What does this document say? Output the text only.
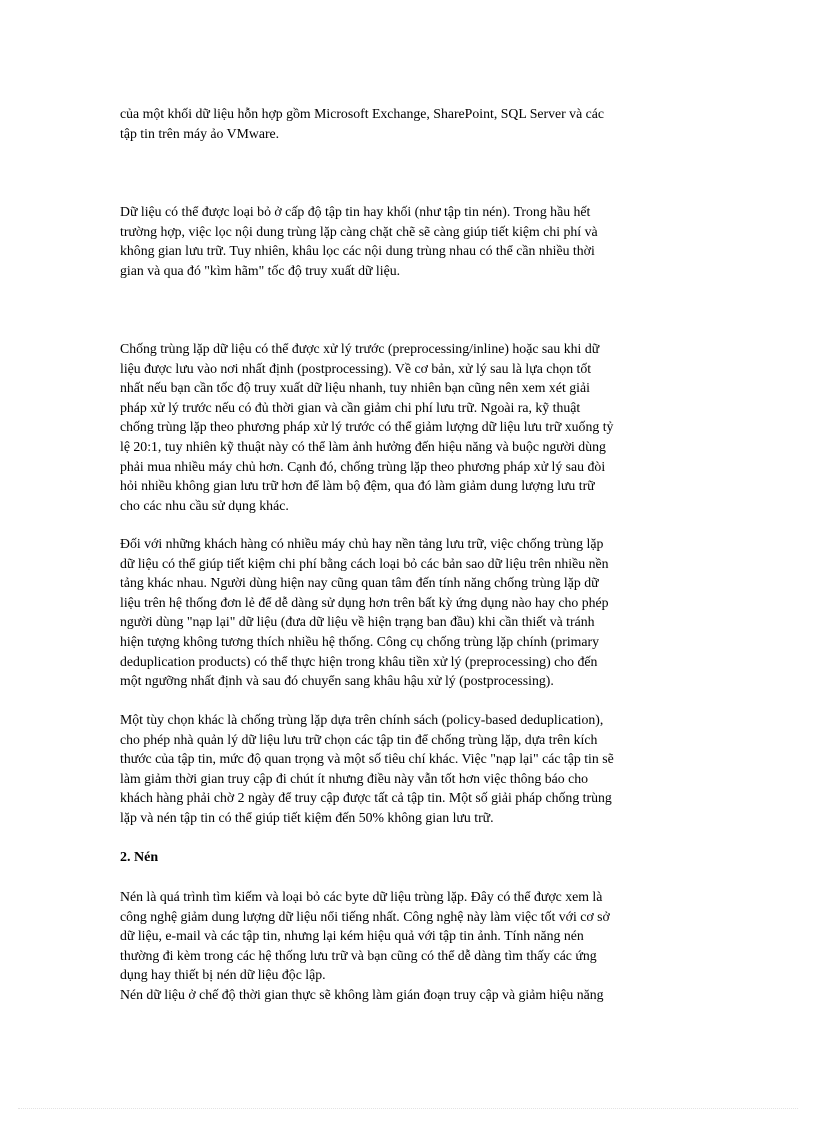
của một khối dữ liệu hỗn hợp gồm Microsoft Exchange, SharePoint, SQL Server và các
tập tin trên máy ảo VMware.
Dữ liệu có thể được loại bỏ ở cấp độ tập tin hay khối (như tập tin nén). Trong hầu hết
trường hợp, việc lọc nội dung trùng lặp càng chặt chẽ sẽ càng giúp tiết kiệm chi phí và
không gian lưu trữ. Tuy nhiên, khâu lọc các nội dung trùng nhau có thể cần nhiều thời
gian và qua đó "kìm hãm" tốc độ truy xuất dữ liệu.
Chống trùng lặp dữ liệu có thể được xử lý trước (preprocessing/inline) hoặc sau khi dữ
liệu được lưu vào nơi nhất định (postprocessing). Về cơ bản, xử lý sau là lựa chọn tốt
nhất nếu bạn cần tốc độ truy xuất dữ liệu nhanh, tuy nhiên bạn cũng nên xem xét giải
pháp xử lý trước nếu có đủ thời gian và cần giảm chi phí lưu trữ. Ngoài ra, kỹ thuật
chống trùng lặp theo phương pháp xử lý trước có thể giảm lượng dữ liệu lưu trữ xuống tỷ
lệ 20:1, tuy nhiên kỹ thuật này có thể làm ảnh hưởng đến hiệu năng và buộc người dùng
phải mua nhiều máy chủ hơn. Cạnh đó, chống trùng lặp theo phương pháp xử lý sau đòi
hỏi nhiều không gian lưu trữ hơn để làm bộ đệm, qua đó làm giảm dung lượng lưu trữ
cho các nhu cầu sử dụng khác.
Đối với những khách hàng có nhiều máy chủ hay nền tảng lưu trữ, việc chống trùng lặp
dữ liệu có thể giúp tiết kiệm chi phí bằng cách loại bỏ các bản sao dữ liệu trên nhiều nền
tảng khác nhau. Người dùng hiện nay cũng quan tâm đến tính năng chống trùng lặp dữ
liệu trên hệ thống đơn lẻ để dễ dàng sử dụng hơn trên bất kỳ ứng dụng nào hay cho phép
người dùng "nạp lại" dữ liệu (đưa dữ liệu về hiện trạng ban đầu) khi cần thiết và tránh
hiện tượng không tương thích nhiều hệ thống. Công cụ chống trùng lặp chính (primary
deduplication products) có thể thực hiện trong khâu tiền xử lý (preprocessing) cho đến
một ngưỡng nhất định và sau đó chuyển sang khâu hậu xử lý (postprocessing).
Một tùy chọn khác là chống trùng lặp dựa trên chính sách (policy-based deduplication),
cho phép nhà quản lý dữ liệu lưu trữ chọn các tập tin để chống trùng lặp, dựa trên kích
thước của tập tin, mức độ quan trọng và một số tiêu chí khác. Việc "nạp lại" các tập tin sẽ
làm giảm thời gian truy cập đi chút ít nhưng điều này vẫn tốt hơn việc thông báo cho
khách hàng phải chờ 2 ngày để truy cập được tất cả tập tin. Một số giải pháp chống trùng
lặp và nén tập tin có thể giúp tiết kiệm đến 50% không gian lưu trữ.
2. Nén
Nén là quá trình tìm kiếm và loại bỏ các byte dữ liệu trùng lặp. Đây có thể được xem là
công nghệ giảm dung lượng dữ liệu nổi tiếng nhất. Công nghệ này làm việc tốt với cơ sở
dữ liệu, e-mail và các tập tin, nhưng lại kém hiệu quả với tập tin ảnh. Tính năng nén
thường đi kèm trong các hệ thống lưu trữ và bạn cũng có thể dễ dàng tìm thấy các ứng
dụng hay thiết bị nén dữ liệu độc lập.
Nén dữ liệu ở chế độ thời gian thực sẽ không làm gián đoạn truy cập và giảm hiệu năng
